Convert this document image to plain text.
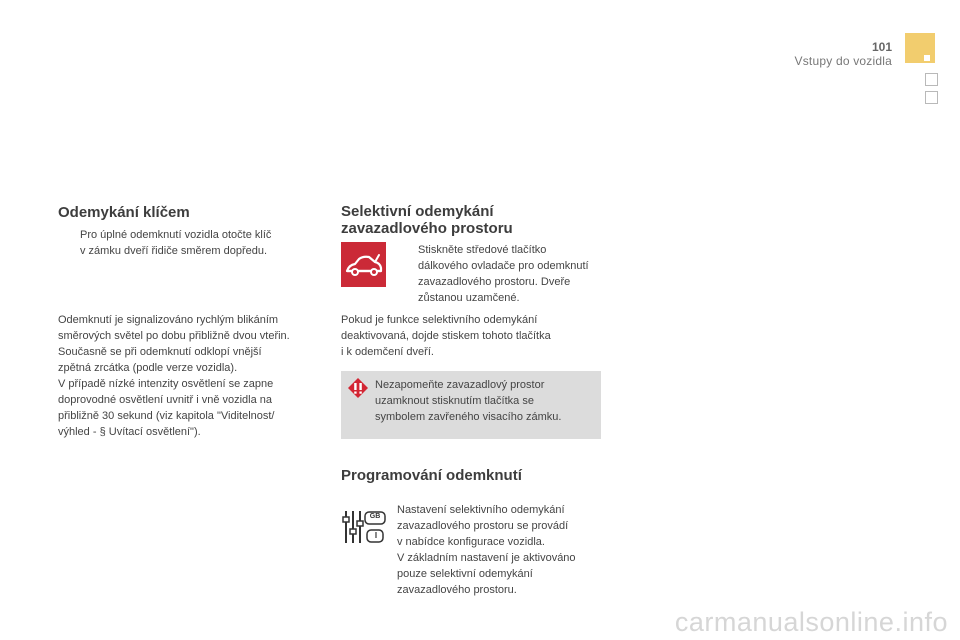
101
Vstupy do vozidla
Odemykání klíčem

Pro úplné odemknutí vozidla otočte klíč

v zámku dveří řidiče směrem dopředu.

Odemknutí je signalizováno rychlým blikáním

směrových světel po dobu přibližně dvou vteřin.

Současně se při odemknutí odklopí vnější

zpětná zrcátka (podle verze vozidla).

V případě nízké intenzity osvětlení se zapne

doprovodné osvětlení uvnitř i vně vozidla na

přibližně 30 sekund (viz kapitola "Viditelnost/

výhled - § Uvítací osvětlení").

Selektivní odemykání
zavazadlového prostoru

Stiskněte středové tlačítko

dálkového ovladače pro odemknutí

zavazadlového prostoru. Dveře

zůstanou uzamčené.

Pokud je funkce selektivního odemykání

deaktivovaná, dojde stiskem tohoto tlačítka

i k odemčení dveří.

Nezapomeňte zavazadlový prostor

uzamknout stisknutím tlačítka se

symbolem zavřeného visacího zámku.

Programování odemknutí
GB
I

Nastavení selektivního odemykání

zavazadlového prostoru se provádí

v nabídce konfigurace vozidla.

V základním nastavení je aktivováno

pouze selektivní odemykání

zavazadlového prostoru.

carmanualsonline.info
